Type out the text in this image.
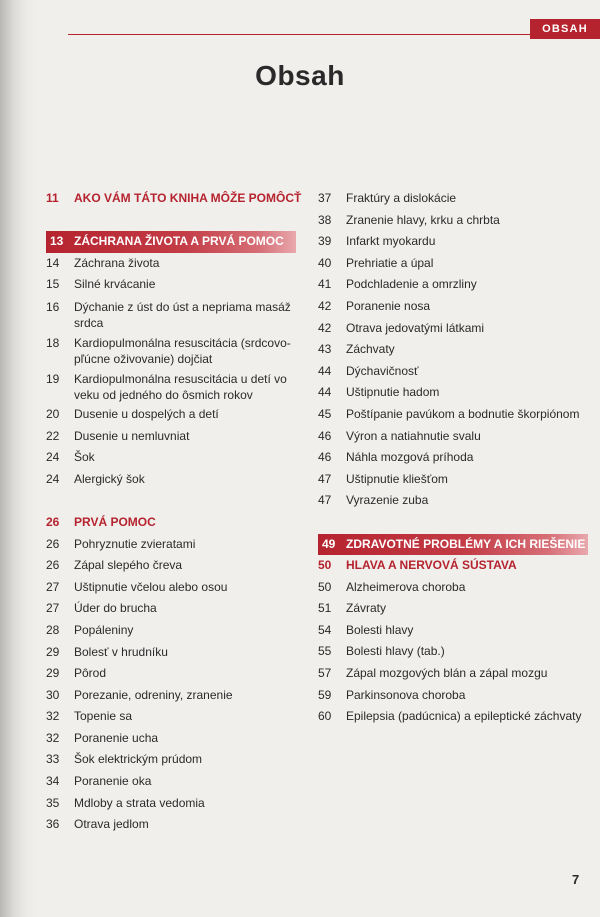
OBSAH
Obsah
11	AKO VÁM TÁTO KNIHA MÔŽE POMÔCŤ
13 ZÁCHRANA ŽIVOTA A PRVÁ POMOC
14	Záchrana života
15	Silné krvácanie
16	Dýchanie z úst do úst a nepriama masáž srdca
18	Kardiopulmonálna resuscitácia (srdcovo-pľúcne oživovanie) dojčiat
19	Kardiopulmonálna resuscitácia u detí vo veku od jedného do ôsmich rokov
20	Dusenie u dospelých a detí
22	Dusenie u nemluvniat
24	Šok
24	Alergický šok
26	PRVÁ POMOC
26	Pohryznutie zvieratami
26	Zápal slepého čreva
27	Uštipnutie včelou alebo osou
27	Úder do brucha
28	Popáleniny
29	Bolesť v hrudníku
29	Pôrod
30	Porezanie, odreniny, zranenie
32	Topenie sa
32	Poranenie ucha
33	Šok elektrickým prúdom
34	Poranenie oka
35	Mdloby a strata vedomia
36	Otrava jedlom
37	Fraktúry a dislokácie
38	Zranenie hlavy, krku a chrbta
39	Infarkt myokardu
40	Prehriatie a úpal
41	Podchladenie a omrzliny
42	Poranenie nosa
42	Otrava jedovatými látkami
43	Záchvaty
44	Dýchavičnosť
44	Uštipnutie hadom
45	Poštípanie pavúkom a bodnutie škorpiónom
46	Výron a natiahnutie svalu
46	Náhla mozgová príhoda
47	Uštipnutie kliešťom
47	Vyrazenie zuba
49 ZDRAVOTNÉ PROBLÉMY A ICH RIEŠENIE
50	HLAVA A NERVOVÁ SÚSTAVA
50	Alzheimerova choroba
51	Závraty
54	Bolesti hlavy
55	Bolesti hlavy (tab.)
57	Zápal mozgových blán a zápal mozgu
59	Parkinsonova choroba
60	Epilepsia (padúcnica) a epileptické záchvaty
7
